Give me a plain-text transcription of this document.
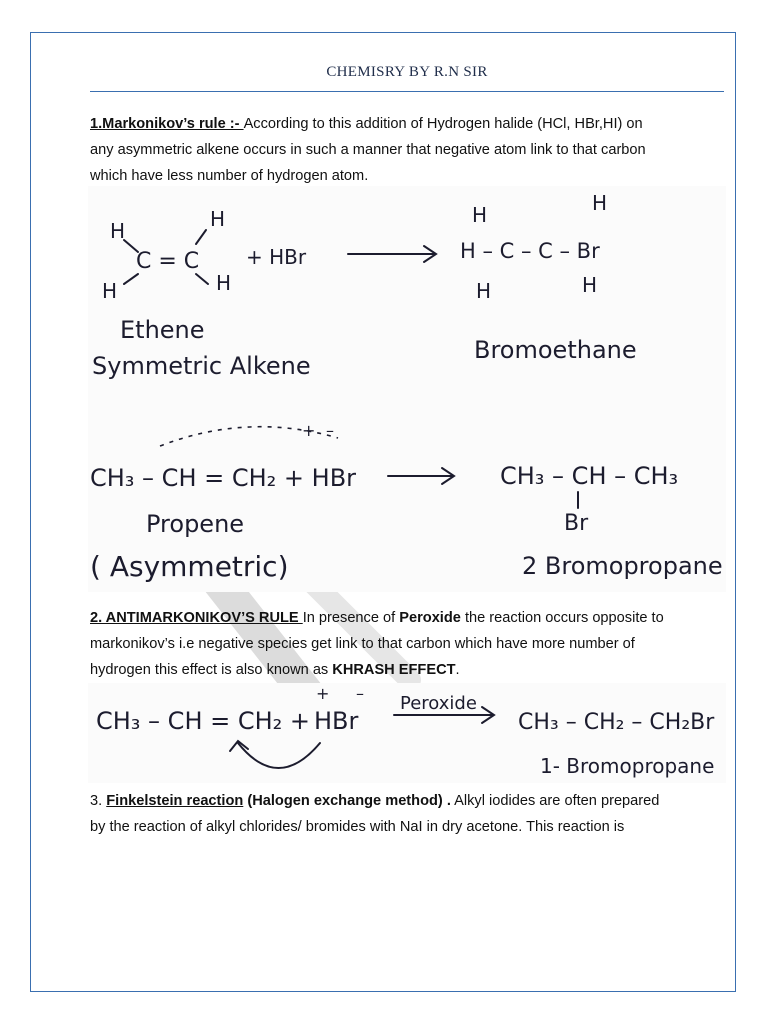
CHEMISRY BY R.N SIR
1.Markonikov’s rule :- According to this addition of Hydrogen halide (HCl, HBr,HI) on
any asymmetric alkene occurs in such a manner that negative atom link to that carbon
which have less number of hydrogen atom.
H	H
C = C
H	H
+ HBr
H	H
H – C – C – Br
H	H
Ethene
Symmetric Alkene
Bromoethane
+ –
CH₃ – CH = CH₂ + HBr	CH₃ – CH – CH₃
Br
Propene
( Asymmetric)	2 Bromopropane
2. ANTIMARKONIKOV’S RULE In presence of Peroxide the reaction occurs opposite to
markonikov’s i.e negative species get link to that carbon which have more number of
hydrogen this effect is also known as KHRASH EFFECT.
CH₃ – CH = CH₂ +
+ –
HBr
Peroxide
CH₃ – CH₂ – CH₂Br
1- Bromopropane
3. Finkelstein reaction (Halogen exchange method) . Alkyl iodides are often prepared
by the reaction of alkyl chlorides/ bromides with NaI in dry acetone. This reaction is
